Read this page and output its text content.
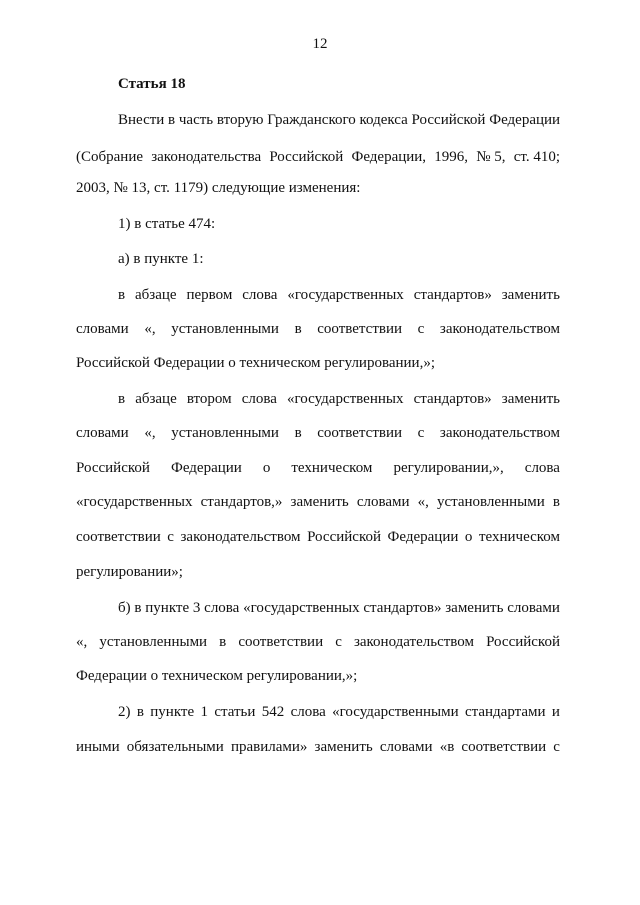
12
Статья 18
Внести в часть вторую Гражданского кодекса Российской Федерации
(Собрание законодательства Российской Федерации, 1996, № 5, ст. 410;
2003, № 13, ст. 1179) следующие изменения:
1) в статье 474:
а) в пункте 1:
в абзаце первом слова «государственных стандартов» заменить
словами «, установленными в соответствии с законодательством
Российской Федерации о техническом регулировании,»;
в абзаце втором слова «государственных стандартов» заменить
словами «, установленными в соответствии с законодательством
Российской Федерации о техническом регулировании,», слова
«государственных стандартов,» заменить словами «, установленными в
соответствии с законодательством Российской Федерации о техническом
регулировании»;
б) в пункте 3 слова «государственных стандартов» заменить словами
«, установленными в соответствии с законодательством Российской
Федерации о техническом регулировании,»;
2) в пункте 1 статьи 542 слова «государственными стандартами и
иными обязательными правилами» заменить словами «в соответствии с
